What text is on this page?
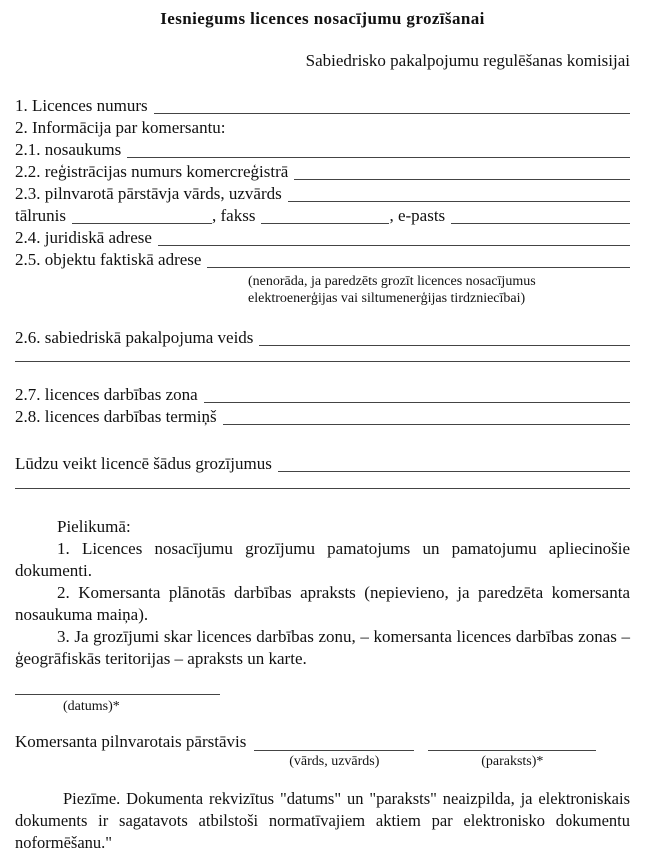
Iesniegums licences nosacījumu grozīšanai
Sabiedrisko pakalpojumu regulēšanas komisijai
1. Licences numurs
2. Informācija par komersantu:
2.1. nosaukums
2.2. reģistrācijas numurs komercreģistrā
2.3. pilnvarotā pārstāvja vārds, uzvārds
tālrunis	, fakss	, e-pasts
2.4. juridiskā adrese
2.5. objektu faktiskā adrese
(nenorāda, ja paredzēts grozīt licences nosacījumus elektroenerģijas vai siltumenerģijas tirdzniecībai)
2.6. sabiedriskā pakalpojuma veids
2.7. licences darbības zona
2.8. licences darbības termiņš
Lūdzu veikt licencē šādus grozījumus
Pielikumā:

1. Licences nosacījumu grozījumu pamatojums un pamatojumu apliecinošie dokumenti.

2. Komersanta plānotās darbības apraksts (nepievieno, ja paredzēta komersanta nosaukuma maiņa).

3. Ja grozījumi skar licences darbības zonu, – komersanta licences darbības zonas – ģeogrāfiskās teritorijas – apraksts un karte.

(datums)*
Komersanta pilnvarotais pārstāvis
(vārds, uzvārds)	(paraksts)*

Piezīme. Dokumenta rekvizītus "datums" un "paraksts" neaizpilda, ja elektroniskais dokuments ir sagatavots atbilstoši normatīvajiem aktiem par elektronisko dokumentu noformēšanu."
